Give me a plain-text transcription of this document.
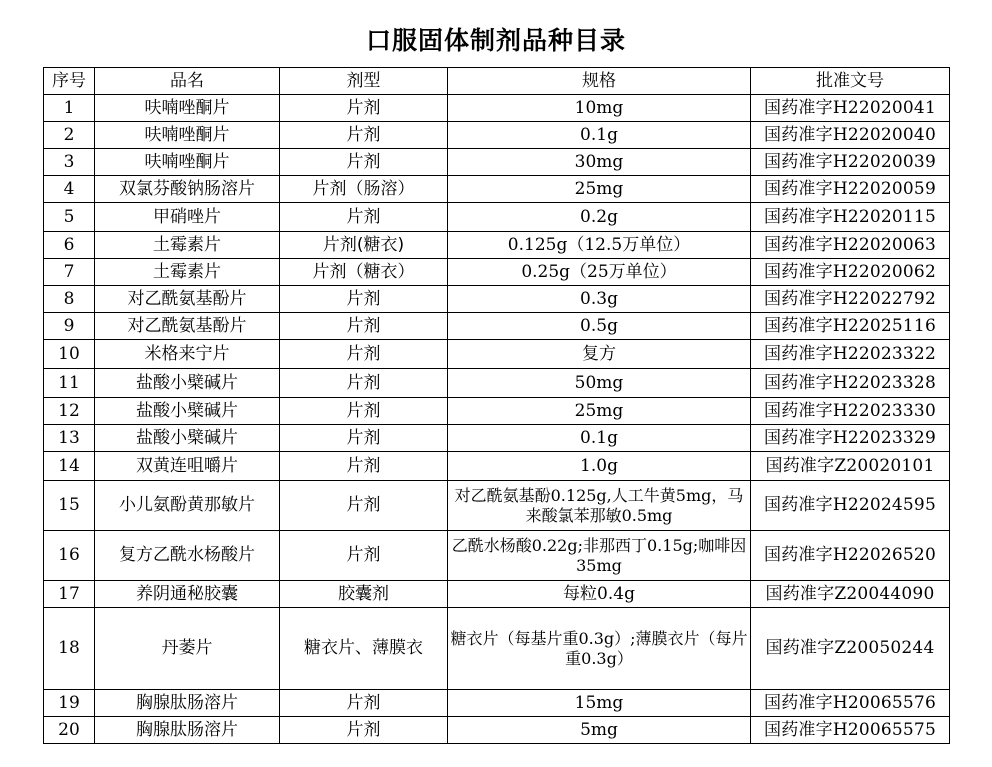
口服固体制剂品种目录
序号	品名	剂型	规格	批准文号
1	呋喃唑酮片	片剂	10mg	国药准字H22020041
2	呋喃唑酮片	片剂	0.1g	国药准字H22020040
3	呋喃唑酮片	片剂	30mg	国药准字H22020039
4	双氯芬酸钠肠溶片	片剂（肠溶）	25mg	国药准字H22020059
5	甲硝唑片	片剂	0.2g	国药准字H22020115
6	土霉素片	片剂(糖衣)	0.125g（12.5万单位）	国药准字H22020063
7	土霉素片	片剂（糖衣）	0.25g（25万单位）	国药准字H22020062
8	对乙酰氨基酚片	片剂	0.3g	国药准字H22022792
9	对乙酰氨基酚片	片剂	0.5g	国药准字H22025116
10	米格来宁片	片剂	复方	国药准字H22023322
11	盐酸小檗碱片	片剂	50mg	国药准字H22023328
12	盐酸小檗碱片	片剂	25mg	国药准字H22023330
13	盐酸小檗碱片	片剂	0.1g	国药准字H22023329
14	双黄连咀嚼片	片剂	1.0g	国药准字Z20020101
15	小儿氨酚黄那敏片	片剂	对乙酰氨基酚0.125g,人工牛黄5mg，马来酸氯苯那敏0.5mg	国药准字H22024595
16	复方乙酰水杨酸片	片剂	乙酰水杨酸0.22g;非那西丁0.15g;咖啡因35mg	国药准字H22026520
17	养阴通秘胶囊	胶囊剂	每粒0.4g	国药准字Z20044090
18	丹萎片	糖衣片、薄膜衣	糖衣片（每基片重0.3g）;薄膜衣片（每片重0.3g）	国药准字Z20050244
19	胸腺肽肠溶片	片剂	15mg	国药准字H20065576
20	胸腺肽肠溶片	片剂	5mg	国药准字H20065575
